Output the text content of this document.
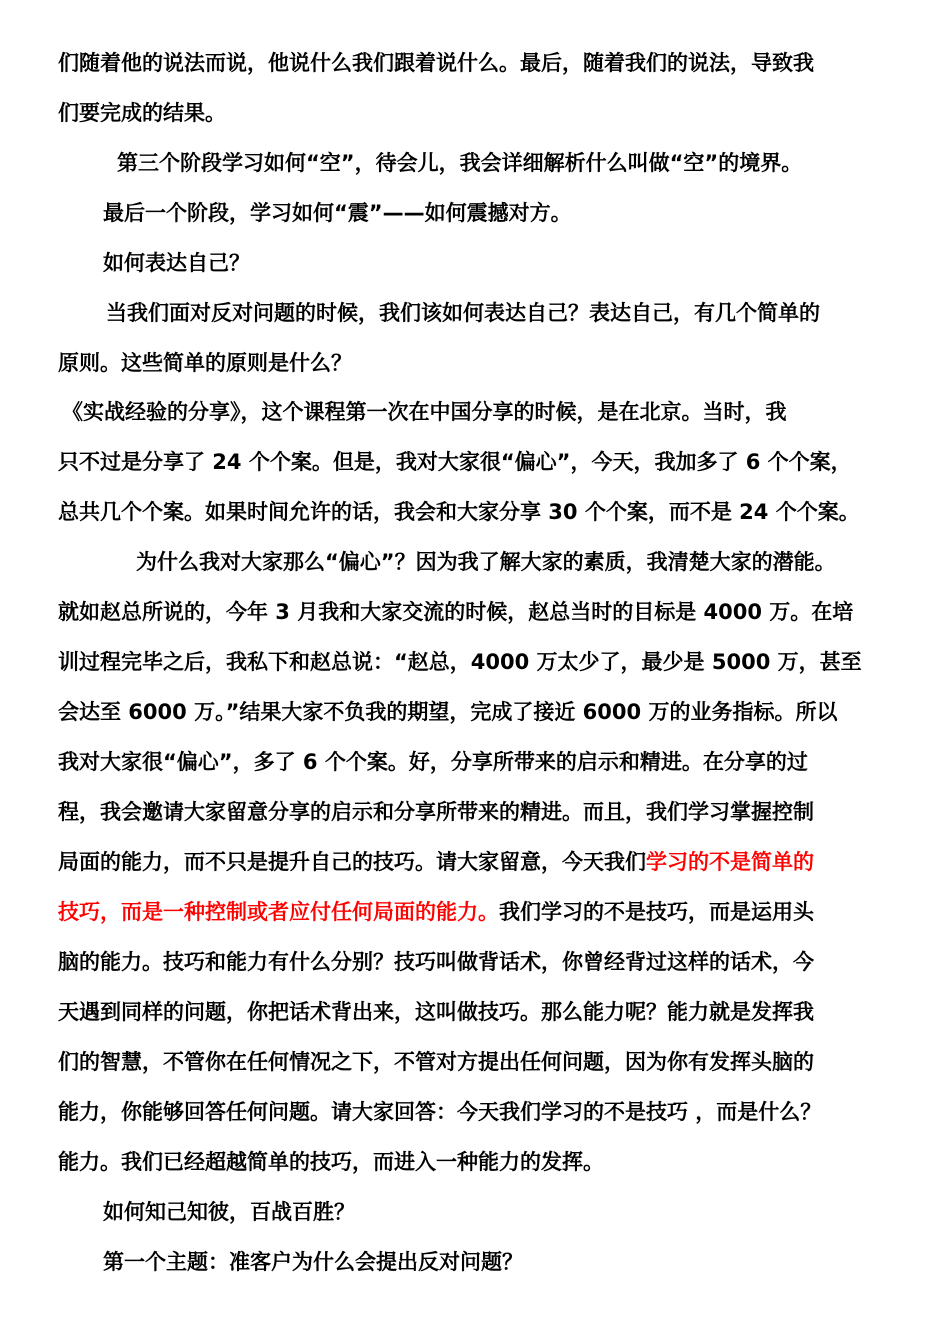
们随着他的说法而说，他说什么我们跟着说什么。最后，随着我们的说法，导致我
们要完成的结果。
第三个阶段学习如何“空”，待会儿，我会详细解析什么叫做“空”的境界。
最后一个阶段，学习如何“震”——如何震撼对方。
如何表达自己？
当我们面对反对问题的时候，我们该如何表达自己？表达自己，有几个简单的
原则。这些简单的原则是什么？
《实战经验的分享》，这个课程第一次在中国分享的时候，是在北京。当时，我
只不过是分享了 24 个个案。但是，我对大家很“偏心”，今天，我加多了 6 个个案，
总共几个个案。如果时间允许的话，我会和大家分享 30 个个案，而不是 24 个个案。
为什么我对大家那么“偏心”？因为我了解大家的素质，我清楚大家的潜能。
就如赵总所说的，今年 3 月我和大家交流的时候，赵总当时的目标是 4000 万。在培
训过程完毕之后，我私下和赵总说：“赵总，4000 万太少了，最少是 5000 万，甚至
会达至 6000 万。”结果大家不负我的期望，完成了接近 6000 万的业务指标。所以
我对大家很“偏心”，多了 6 个个案。好，分享所带来的启示和精进。在分享的过
程，我会邀请大家留意分享的启示和分享所带来的精进。而且，我们学习掌握控制
局面的能力，而不只是提升自己的技巧。请大家留意，今天我们学习的不是简单的
技巧，而是一种控制或者应付任何局面的能力。我们学习的不是技巧，而是运用头
脑的能力。技巧和能力有什么分别？技巧叫做背话术，你曾经背过这样的话术，今
天遇到同样的问题，你把话术背出来，这叫做技巧。那么能力呢？能力就是发挥我
们的智慧，不管你在任何情况之下，不管对方提出任何问题，因为你有发挥头脑的
能力，你能够回答任何问题。请大家回答：今天我们学习的不是技巧 ，而是什么？
能力。我们已经超越简单的技巧，而进入一种能力的发挥。
如何知己知彼，百战百胜？
第一个主题：准客户为什么会提出反对问题？
